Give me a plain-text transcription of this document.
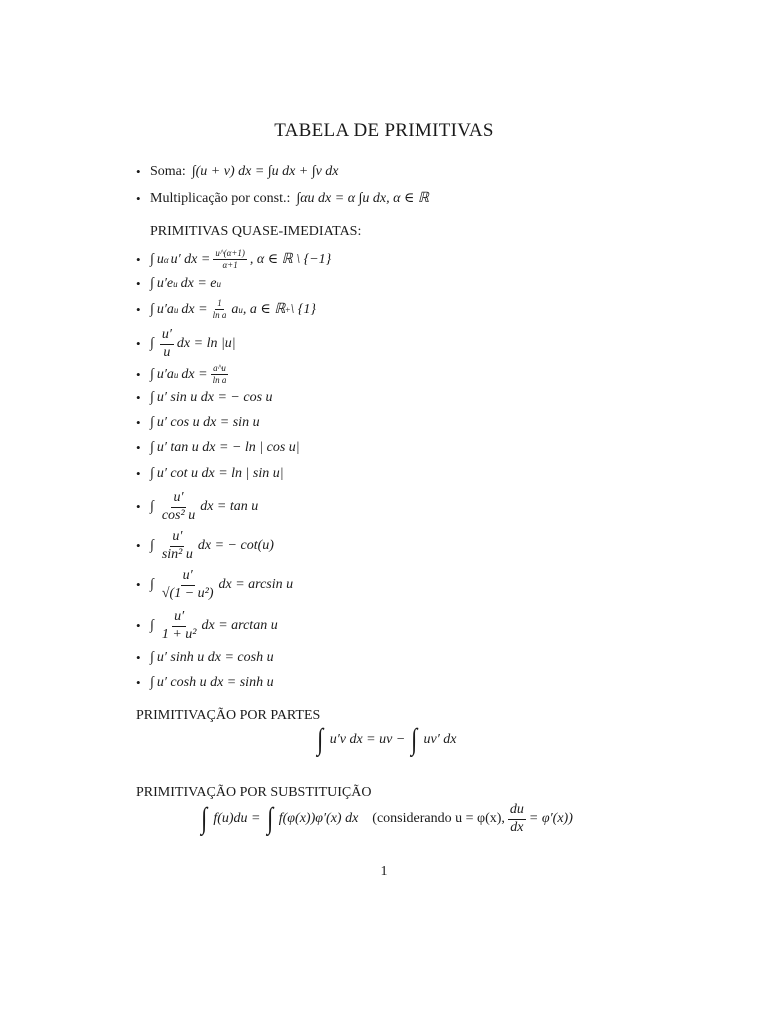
TABELA DE PRIMITIVAS
• Soma: ∫(u + v) dx = ∫u dx + ∫v dx
• Multiplicação por const.: ∫αu dx = α ∫u dx, α ∈ ℝ
PRIMITIVAS QUASE-IMEDIATAS:
• ∫ u α u′ dx = $\frac{u\^{}(\alpha+1)}{\alpha+1}$ , α ∈ ℝ \ {−1}
• ∫ u′e u dx = e u
• ∫ u′a u dx = $\frac{1}{\text{ln a}}$ a u , a ∈ ℝ + \ {1}
• ∫ $\frac{u'}{u}$ dx = ln |u|
• ∫ u′a u dx = $\frac{a\^{}u}{\text{ln a}}$
• ∫ u′ sin u dx = − cos u
• ∫ u′ cos u dx = sin u
• ∫ u′ tan u dx = − ln | cos u|
• ∫ u′ cot u dx = ln | sin u|
• ∫ $\frac{u'}{\text{cos² u}}$ dx = tan u
• ∫ $\frac{u'}{\text{sin² u}}$ dx = − cot(u)
• ∫ $\frac{u'}{\text{√(1 − u²)}}$ dx = arcsin u
• ∫ $\frac{u'}{\text{1 + u²}}$ dx = arctan u
• ∫ u′ sinh u dx = cosh u
• ∫ u′ cosh u dx = sinh u
PRIMITIVAÇÃO POR PARTES
∫ u′v dx = uv − ∫ uv′ dx
PRIMITIVAÇÃO POR SUBSTITUIÇÃO
∫ f(u)du = ∫ f(φ(x))φ′(x) dx (considerando u = φ(x), $\frac{du}{dx} = \varphi'(x)$)
1
